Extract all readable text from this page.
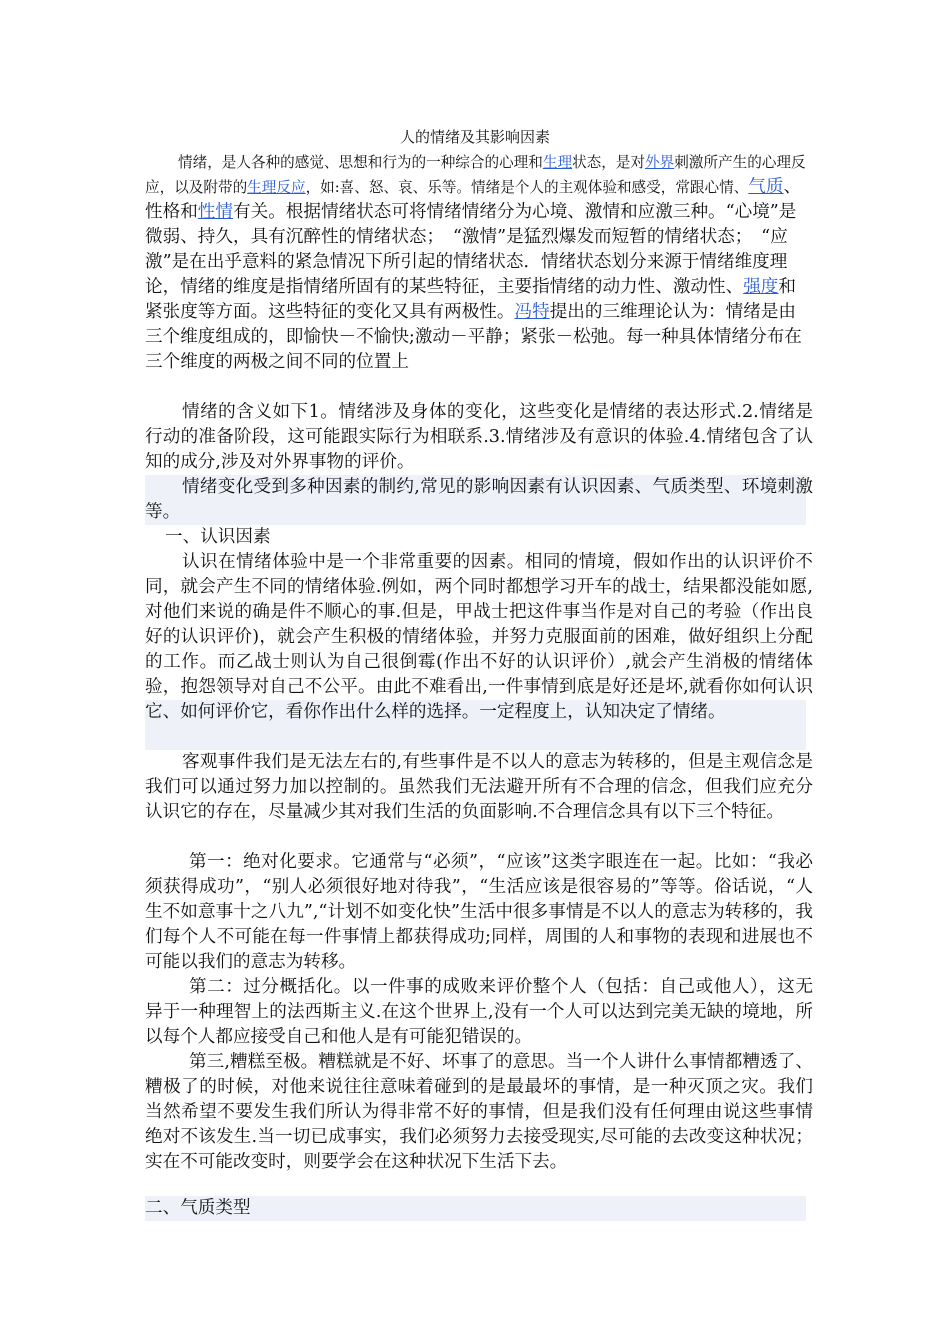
人的情绪及其影响因素

情绪，是人各种的感觉、思想和行为的一种综合的心理和生理状态，是对外界刺激所产生的心理反应，以及附带的生理反应，如:喜、怒、哀、乐等。情绪是个人的主观体验和感受，常跟心情、气质、性格和性情有关。根据情绪状态可将情绪情绪分为心境、激情和应激三种。“心境”是微弱、持久，具有沉醉性的情绪状态；　“激情”是猛烈爆发而短暂的情绪状态；　“应激”是在出乎意料的紧急情况下所引起的情绪状态．情绪状态划分来源于情绪维度理论，情绪的维度是指情绪所固有的某些特征，主要指情绪的动力性、激动性、强度和紧张度等方面。这些特征的变化又具有两极性。冯特提出的三维理论认为：情绪是由三个维度组成的，即愉快－不愉快;激动－平静；紧张－松弛。每一种具体情绪分布在三个维度的两极之间不同的位置上

情绪的含义如下1。情绪涉及身体的变化，这些变化是情绪的表达形式.2.情绪是行动的准备阶段，这可能跟实际行为相联系.3.情绪涉及有意识的体验.4.情绪包含了认知的成分,涉及对外界事物的评价。

情绪变化受到多种因素的制约,常见的影响因素有认识因素、气质类型、环境刺激等。

一、认识因素

认识在情绪体验中是一个非常重要的因素。相同的情境，假如作出的认识评价不同，就会产生不同的情绪体验.例如，两个同时都想学习开车的战士，结果都没能如愿,对他们来说的确是件不顺心的事.但是，甲战士把这件事当作是对自己的考验（作出良好的认识评价)，就会产生积极的情绪体验，并努力克服面前的困难，做好组织上分配的工作。而乙战士则认为自己很倒霉(作出不好的认识评价）,就会产生消极的情绪体验，抱怨领导对自己不公平。由此不难看出,一件事情到底是好还是坏,就看你如何认识它、如何评价它，看你作出什么样的选择。一定程度上，认知决定了情绪。

客观事件我们是无法左右的,有些事件是不以人的意志为转移的，但是主观信念是我们可以通过努力加以控制的。虽然我们无法避开所有不合理的信念，但我们应充分认识它的存在，尽量减少其对我们生活的负面影响.不合理信念具有以下三个特征。

第一：绝对化要求。它通常与“必须”，“应该”这类字眼连在一起。比如：“我必须获得成功”，“别人必须很好地对待我”，“生活应该是很容易的”等等。俗话说，“人生不如意事十之八九”,“计划不如变化快”生活中很多事情是不以人的意志为转移的，我们每个人不可能在每一件事情上都获得成功;同样，周围的人和事物的表现和进展也不可能以我们的意志为转移。

第二：过分概括化。以一件事的成败来评价整个人（包括：自己或他人），这无异于一种理智上的法西斯主义.在这个世界上,没有一个人可以达到完美无缺的境地，所以每个人都应接受自己和他人是有可能犯错误的。

第三,糟糕至极。糟糕就是不好、坏事了的意思。当一个人讲什么事情都糟透了、糟极了的时候，对他来说往往意味着碰到的是最最坏的事情，是一种灭顶之灾。我们当然希望不要发生我们所认为得非常不好的事情，但是我们没有任何理由说这些事情绝对不该发生.当一切已成事实，我们必须努力去接受现实,尽可能的去改变这种状况；实在不可能改变时，则要学会在这种状况下生活下去。

二、气质类型
